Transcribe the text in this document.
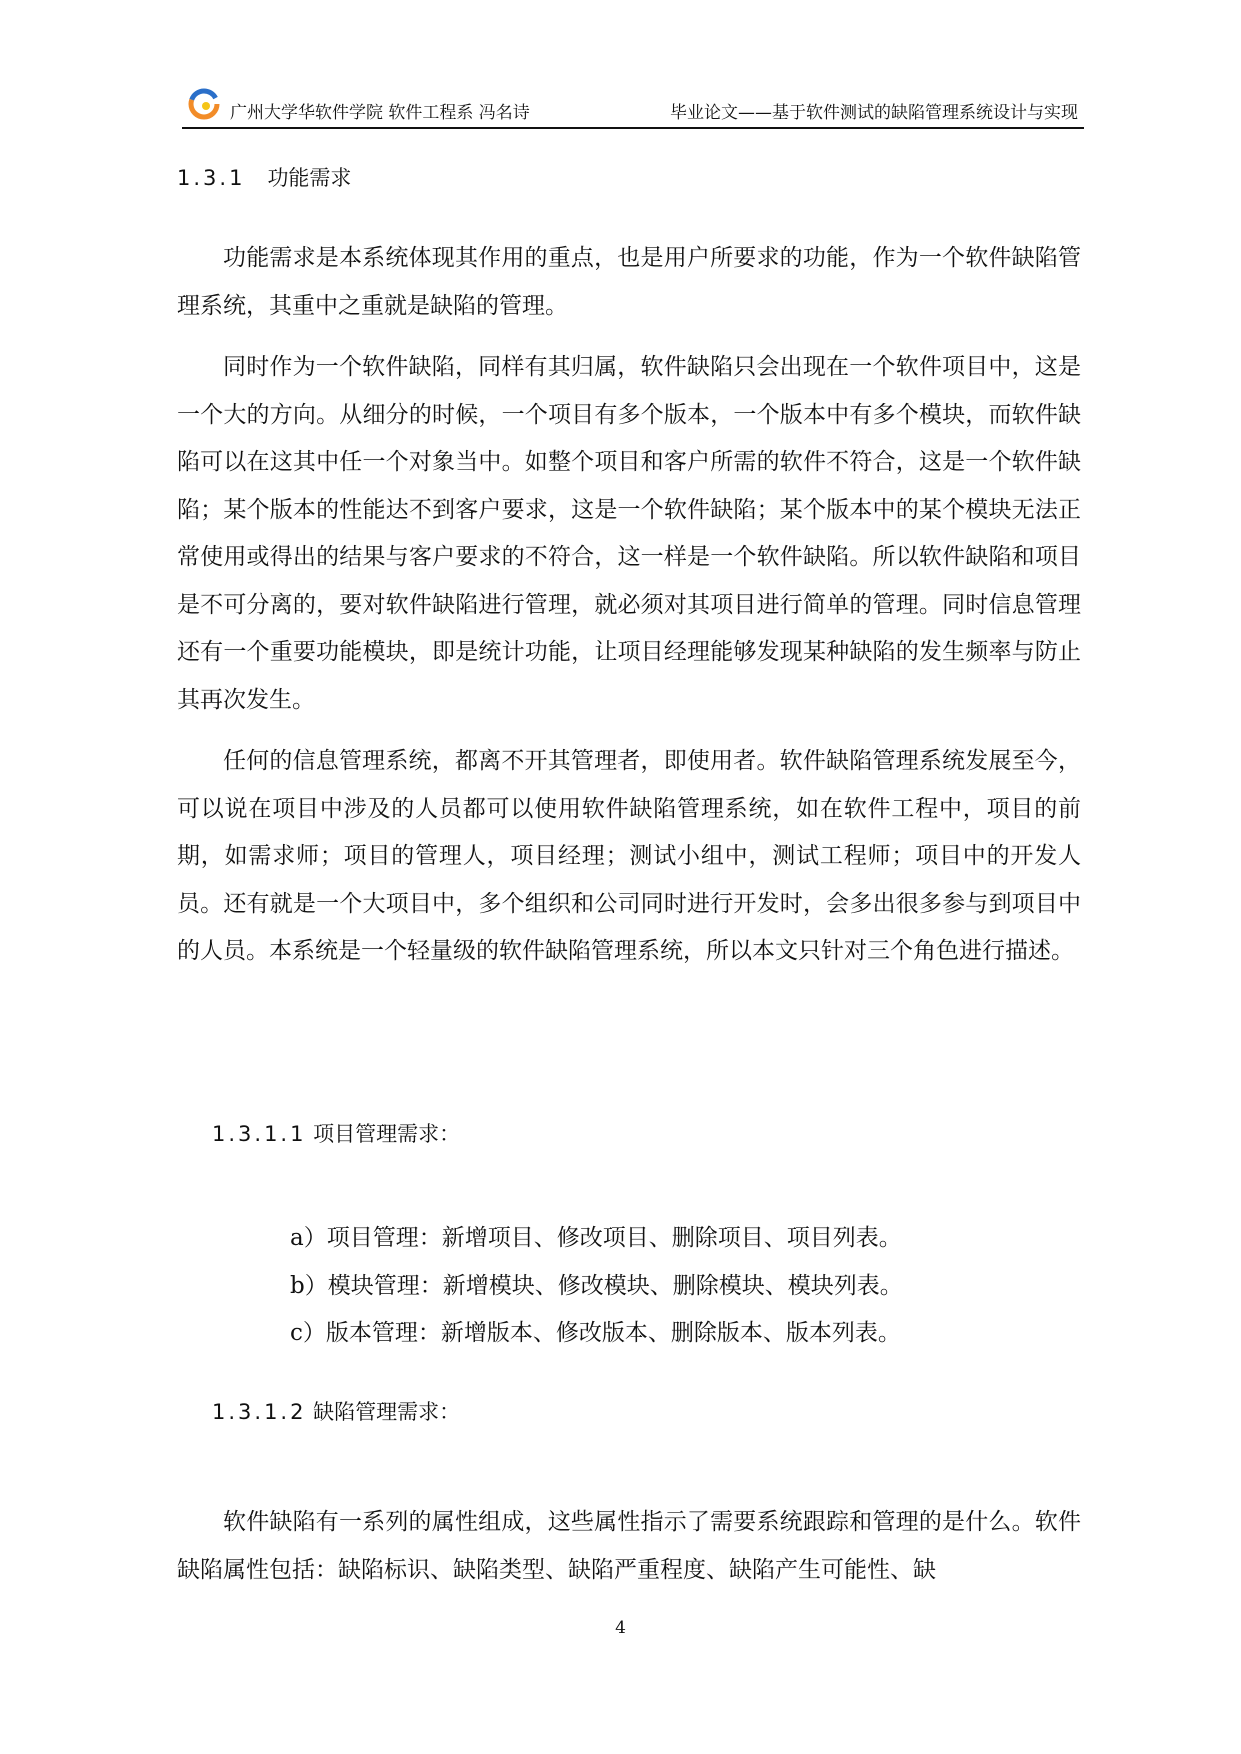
广州大学华软件学院 软件工程系 冯名诗	毕业论文——基于软件测试的缺陷管理系统设计与实现
1.3.1 功能需求

功能需求是本系统体现其作用的重点，也是用户所要求的功能，作为一个软件缺陷管理系统，其重中之重就是缺陷的管理。

同时作为一个软件缺陷，同样有其归属，软件缺陷只会出现在一个软件项目中，这是一个大的方向。从细分的时候，一个项目有多个版本，一个版本中有多个模块，而软件缺陷可以在这其中任一个对象当中。如整个项目和客户所需的软件不符合，这是一个软件缺陷；某个版本的性能达不到客户要求，这是一个软件缺陷；某个版本中的某个模块无法正常使用或得出的结果与客户要求的不符合，这一样是一个软件缺陷。所以软件缺陷和项目是不可分离的，要对软件缺陷进行管理，就必须对其项目进行简单的管理。同时信息管理还有一个重要功能模块，即是统计功能，让项目经理能够发现某种缺陷的发生频率与防止其再次发生。

任何的信息管理系统，都离不开其管理者，即使用者。软件缺陷管理系统发展至今，可以说在项目中涉及的人员都可以使用软件缺陷管理系统，如在软件工程中，项目的前期，如需求师；项目的管理人，项目经理；测试小组中，测试工程师；项目中的开发人员。还有就是一个大项目中，多个组织和公司同时进行开发时，会多出很多参与到项目中的人员。本系统是一个轻量级的软件缺陷管理系统，所以本文只针对三个角色进行描述。

1.3.1.1 项目管理需求：
a）项目管理：新增项目、修改项目、删除项目、项目列表。
b）模块管理：新增模块、修改模块、删除模块、模块列表。
c）版本管理：新增版本、修改版本、删除版本、版本列表。
1.3.1.2 缺陷管理需求：

软件缺陷有一系列的属性组成，这些属性指示了需要系统跟踪和管理的是什么。软件缺陷属性包括：缺陷标识、缺陷类型、缺陷严重程度、缺陷产生可能性、缺

4
